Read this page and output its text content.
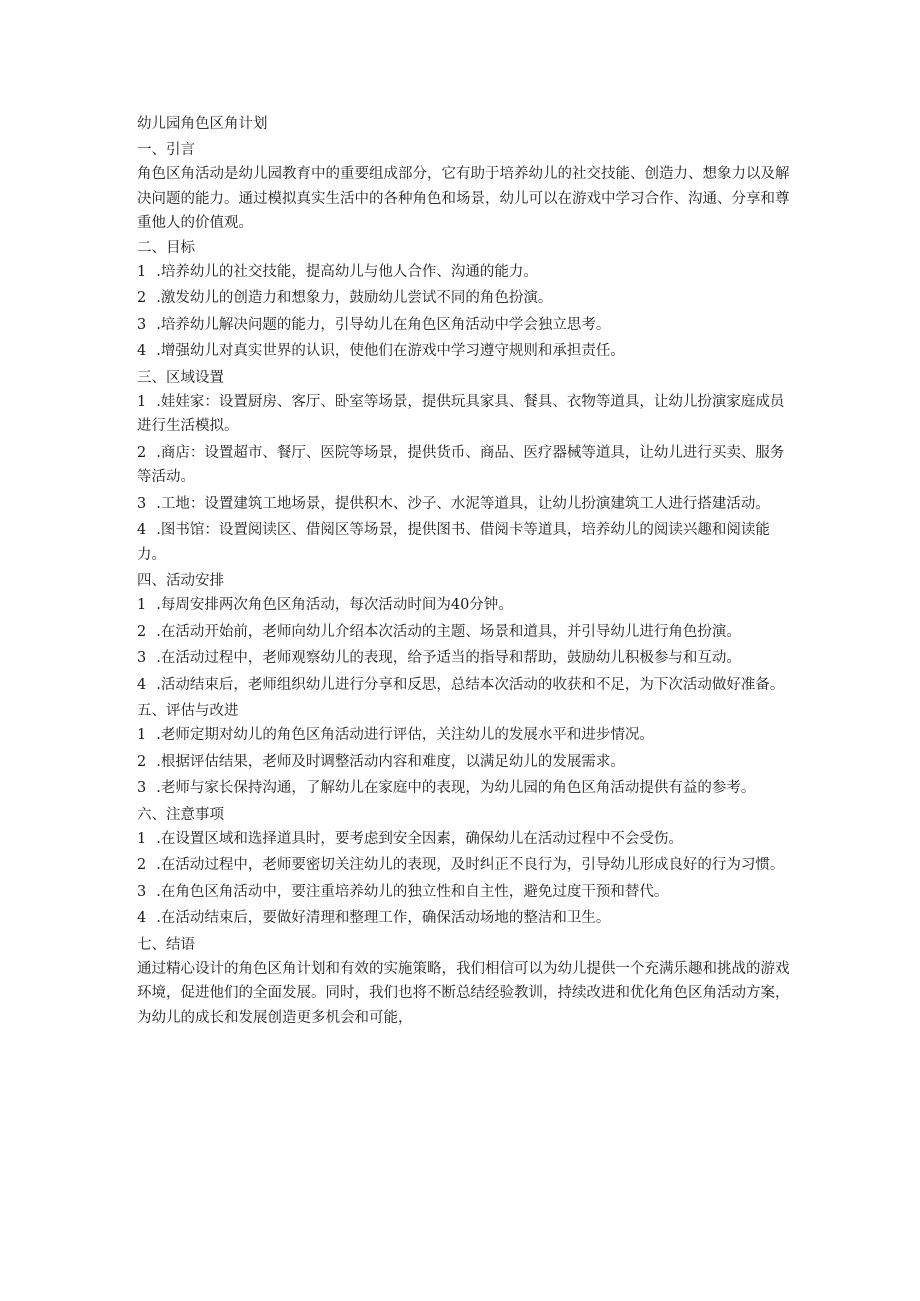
幼儿园角色区角计划

一、引言

角色区角活动是幼儿园教育中的重要组成部分，它有助于培养幼儿的社交技能、创造力、想象力以及解决问题的能力。通过模拟真实生活中的各种角色和场景，幼儿可以在游戏中学习合作、沟通、分享和尊重他人的价值观。

二、目标

1 .培养幼儿的社交技能，提高幼儿与他人合作、沟通的能力。

2 .激发幼儿的创造力和想象力，鼓励幼儿尝试不同的角色扮演。

3 .培养幼儿解决问题的能力，引导幼儿在角色区角活动中学会独立思考。

4 .增强幼儿对真实世界的认识，使他们在游戏中学习遵守规则和承担责任。

三、区域设置

1 .娃娃家：设置厨房、客厅、卧室等场景，提供玩具家具、餐具、衣物等道具，让幼儿扮演家庭成员进行生活模拟。

2 .商店：设置超市、餐厅、医院等场景，提供货币、商品、医疗器械等道具，让幼儿进行买卖、服务等活动。

3 .工地：设置建筑工地场景，提供积木、沙子、水泥等道具，让幼儿扮演建筑工人进行搭建活动。

4 .图书馆：设置阅读区、借阅区等场景，提供图书、借阅卡等道具，培养幼儿的阅读兴趣和阅读能力。

四、活动安排

1 .每周安排两次角色区角活动，每次活动时间为40分钟。

2 .在活动开始前，老师向幼儿介绍本次活动的主题、场景和道具，并引导幼儿进行角色扮演。

3 .在活动过程中，老师观察幼儿的表现，给予适当的指导和帮助，鼓励幼儿积极参与和互动。

4 .活动结束后，老师组织幼儿进行分享和反思，总结本次活动的收获和不足，为下次活动做好准备。

五、评估与改进

1 .老师定期对幼儿的角色区角活动进行评估，关注幼儿的发展水平和进步情况。

2 .根据评估结果，老师及时调整活动内容和难度，以满足幼儿的发展需求。

3 .老师与家长保持沟通，了解幼儿在家庭中的表现，为幼儿园的角色区角活动提供有益的参考。

六、注意事项

1 .在设置区域和选择道具时，要考虑到安全因素，确保幼儿在活动过程中不会受伤。

2 .在活动过程中，老师要密切关注幼儿的表现，及时纠正不良行为，引导幼儿形成良好的行为习惯。

3 .在角色区角活动中，要注重培养幼儿的独立性和自主性，避免过度干预和替代。

4 .在活动结束后，要做好清理和整理工作，确保活动场地的整洁和卫生。

七、结语

通过精心设计的角色区角计划和有效的实施策略，我们相信可以为幼儿提供一个充满乐趣和挑战的游戏环境，促进他们的全面发展。同时，我们也将不断总结经验教训，持续改进和优化角色区角活动方案，为幼儿的成长和发展创造更多机会和可能，
